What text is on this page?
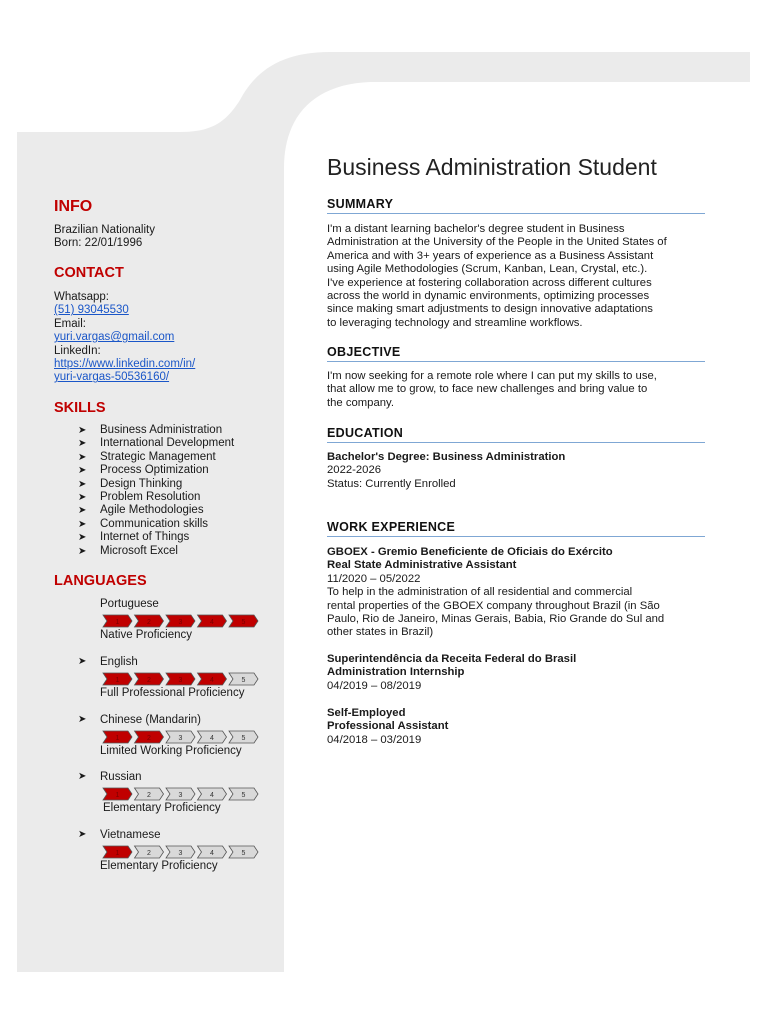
Business Administration Student
INFO
Brazilian Nationality
Born: 22/01/1996
CONTACT
Whatsapp:
(51) 93045530
Email:
yuri.vargas@gmail.com
LinkedIn:
https://www.linkedin.com/in/
yuri-vargas-50536160/
SKILLS
➤ Business Administration
➤ International Development
➤ Strategic Management
➤ Process Optimization
➤ Design Thinking
➤ Problem Resolution
➤ Agile Methodologies
➤ Communication skills
➤ Internet of Things
➤ Microsoft Excel
LANGUAGES
Portuguese
1	2	3	4	5
Native Proficiency
➤ English
1	2	3	4	5
Full Professional Proficiency
➤ Chinese (Mandarin)
1	2	3	4	5
Limited Working Proficiency
➤ Russian
1	2	3	4	5
Elementary Proficiency
➤ Vietnamese
1	2	3	4	5
Elementary Proficiency
SUMMARY
I'm a distant learning bachelor's degree student in Business
Administration at the University of the People in the United States of
America and with 3+ years of experience as a Business Assistant
using Agile Methodologies (Scrum, Kanban, Lean, Crystal, etc.).
I've experience at fostering collaboration across different cultures
across the world in dynamic environments, optimizing processes
since making smart adjustments to design innovative adaptations
to leveraging technology and streamline workflows.
OBJECTIVE
I'm now seeking for a remote role where I can put my skills to use,
that allow me to grow, to face new challenges and bring value to
the company.
EDUCATION
Bachelor's Degree: Business Administration
2022-2026
Status: Currently Enrolled
WORK EXPERIENCE
GBOEX - Gremio Beneficiente de Oficiais do Exército
Real State Administrative Assistant
11/2020 – 05/2022
To help in the administration of all residential and commercial
rental properties of the GBOEX company throughout Brazil (in São
Paulo, Rio de Janeiro, Minas Gerais, Babia, Rio Grande do Sul and
other states in Brazil)
Superintendência da Receita Federal do Brasil
Administration Internship
04/2019 – 08/2019
Self-Employed
Professional Assistant
04/2018 – 03/2019
